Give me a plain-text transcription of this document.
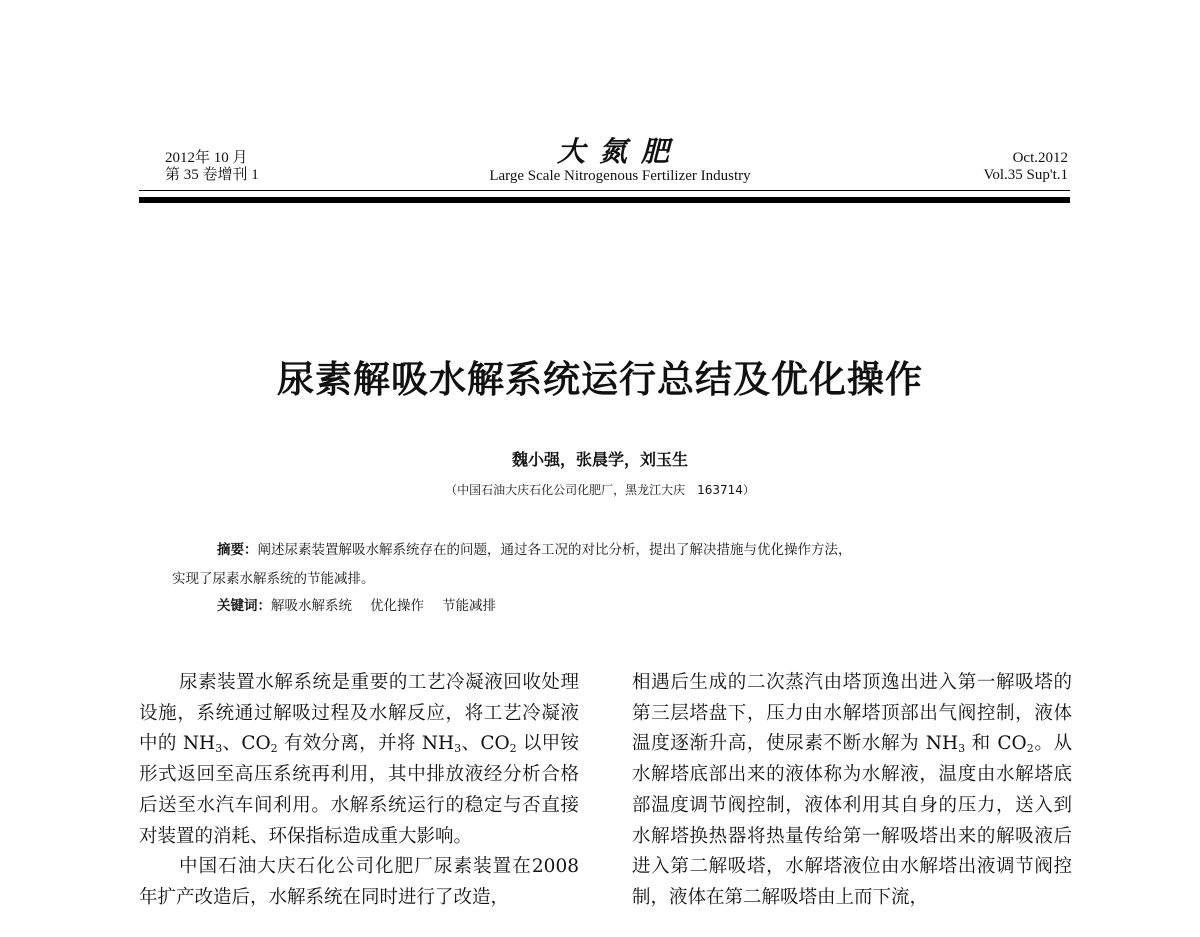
2012年 10 月
第 35 卷增刊 1
大氮肥
Large Scale Nitrogenous Fertilizer Industry
Oct.2012
Vol.35 Sup't.1
尿素解吸水解系统运行总结及优化操作
魏小强，张晨学，刘玉生
（中国石油大庆石化公司化肥厂，黑龙江大庆　163714）

摘要：阐述尿素装置解吸水解系统存在的问题，通过各工况的对比分析，提出了解决措施与优化操作方法，

实现了尿素水解系统的节能减排。

关键词：解吸水解系统 优化操作 节能减排

尿素装置水解系统是重要的工艺冷凝液回收处理设施，系统通过解吸过程及水解反应，将工艺冷凝液中的 $NH_3$、$CO_2$ 有效分离，并将 $NH_3$、$CO_2$ 以甲铵形式返回至高压系统再利用，其中排放液经分析合格后送至水汽车间利用。水解系统运行的稳定与否直接对装置的消耗、环保指标造成重大影响。

中国石油大庆石化公司化肥厂尿素装置在2008 年扩产改造后，水解系统在同时进行了改造，

相遇后生成的二次蒸汽由塔顶逸出进入第一解吸塔的第三层塔盘下，压力由水解塔顶部出气阀控制，液体温度逐渐升高，使尿素不断水解为 $NH_3$ 和 $CO_2$。从水解塔底部出来的液体称为水解液，温度由水解塔底部温度调节阀控制，液体利用其自身的压力，送入到水解塔换热器将热量传给第一解吸塔出来的解吸液后进入第二解吸塔，水解塔液位由水解塔出液调节阀控制，液体在第二解吸塔由上而下流，
